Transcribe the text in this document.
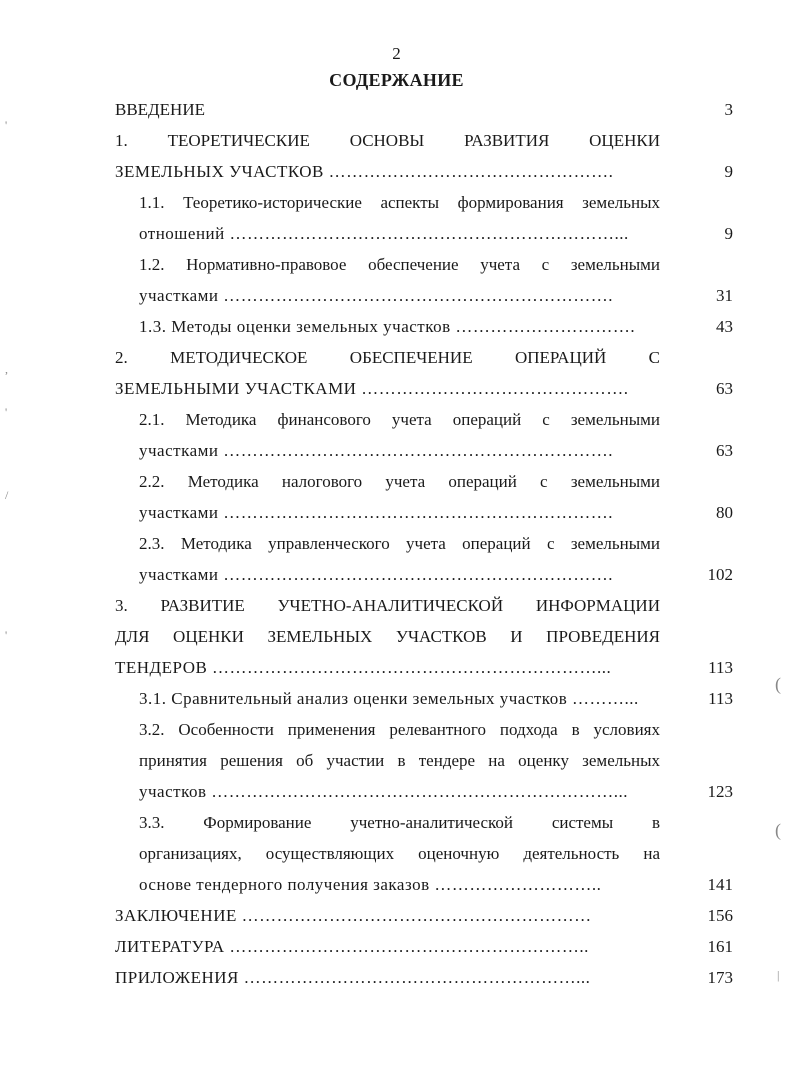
2
СОДЕРЖАНИЕ
ВВЕДЕНИЕ	3
1. ТЕОРЕТИЧЕСКИЕ ОСНОВЫ РАЗВИТИЯ ОЦЕНКИ
ЗЕМЕЛЬНЫХ УЧАСТКОВ ………………………………………….	9
1.1. Теоретико-исторические аспекты формирования земельных
отношений …………………………………………………………...	9
1.2. Нормативно-правовое обеспечение учета с земельными
участками ………………………………………………………….	31
1.3. Методы оценки земельных участков ………………………….	43
2. МЕТОДИЧЕСКОЕ ОБЕСПЕЧЕНИЕ ОПЕРАЦИЙ С
ЗЕМЕЛЬНЫМИ УЧАСТКАМИ ……………………………………….	63
2.1. Методика финансового учета операций с земельными
участками ………………………………………………………….	63
2.2. Методика налогового учета операций с земельными
участками ………………………………………………………….	80
2.3. Методика управленческого учета операций с земельными
участками ………………………………………………………….	102
3. РАЗВИТИЕ УЧЕТНО-АНАЛИТИЧЕСКОЙ ИНФОРМАЦИИ
ДЛЯ ОЦЕНКИ ЗЕМЕЛЬНЫХ УЧАСТКОВ И ПРОВЕДЕНИЯ
ТЕНДЕРОВ …………………………………………………………...	113
3.1. Сравнительный анализ оценки земельных участков ………...	113
3.2. Особенности применения релевантного подхода в условиях
принятия решения об участии в тендере на оценку земельных
участков ……………………………………………………………...	123
3.3. Формирование учетно-аналитической системы в
организациях, осуществляющих оценочную деятельность на
основе тендерного получения заказов ………………………..	141
ЗАКЛЮЧЕНИЕ ……………………………………………………	156
ЛИТЕРАТУРА ……………………………………………………..	161
ПРИЛОЖЕНИЯ …………………………………………………...	173
'
,
'
/
'
(
(
|
